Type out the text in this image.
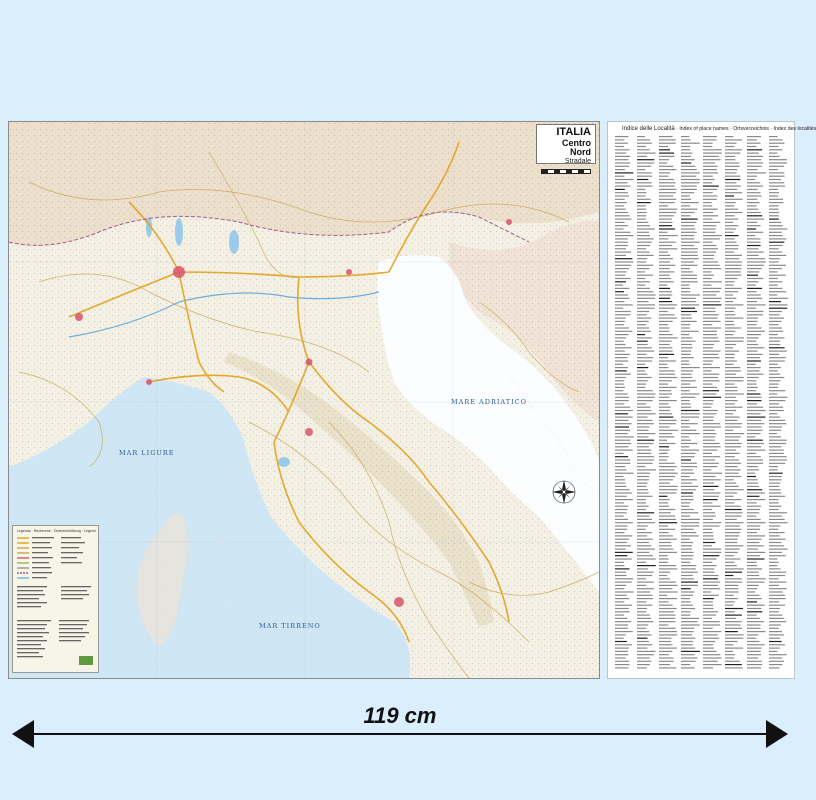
MARE ADRIATICO
MAR LIGURE
MAR TIRRENO
ITALIA
Centro Nord
Stradale
Legenda · Recherche · Zeichenerklärung · Legend
Indice delle Località · Index of place names · Ortsverzeichnis · Index des localités
119 cm
